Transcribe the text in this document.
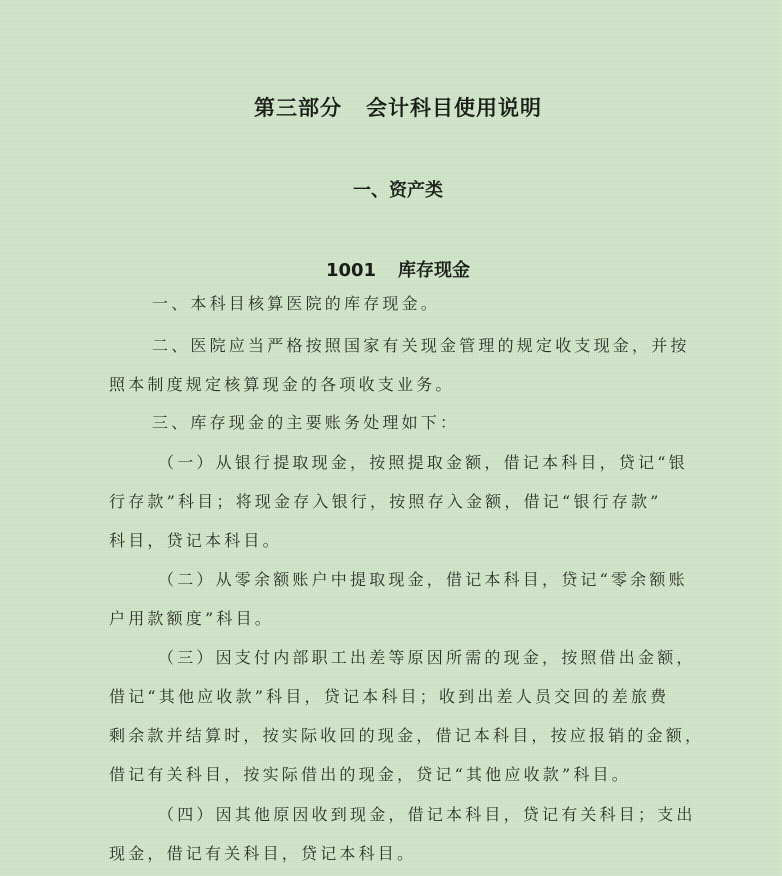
第三部分 会计科目使用说明
一、资产类
1001 库存现金
一、本科目核算医院的库存现金。
二、医院应当严格按照国家有关现金管理的规定收支现金，并按
照本制度规定核算现金的各项收支业务。
三、库存现金的主要账务处理如下：
（一）从银行提取现金，按照提取金额，借记本科目，贷记“银
行存款”科目；将现金存入银行，按照存入金额，借记“银行存款”
科目，贷记本科目。
（二）从零余额账户中提取现金，借记本科目，贷记“零余额账
户用款额度”科目。
（三）因支付内部职工出差等原因所需的现金，按照借出金额，
借记“其他应收款”科目，贷记本科目；收到出差人员交回的差旅费
剩余款并结算时，按实际收回的现金，借记本科目，按应报销的金额，
借记有关科目，按实际借出的现金，贷记“其他应收款”科目。
（四）因其他原因收到现金，借记本科目，贷记有关科目；支出
现金，借记有关科目，贷记本科目。
